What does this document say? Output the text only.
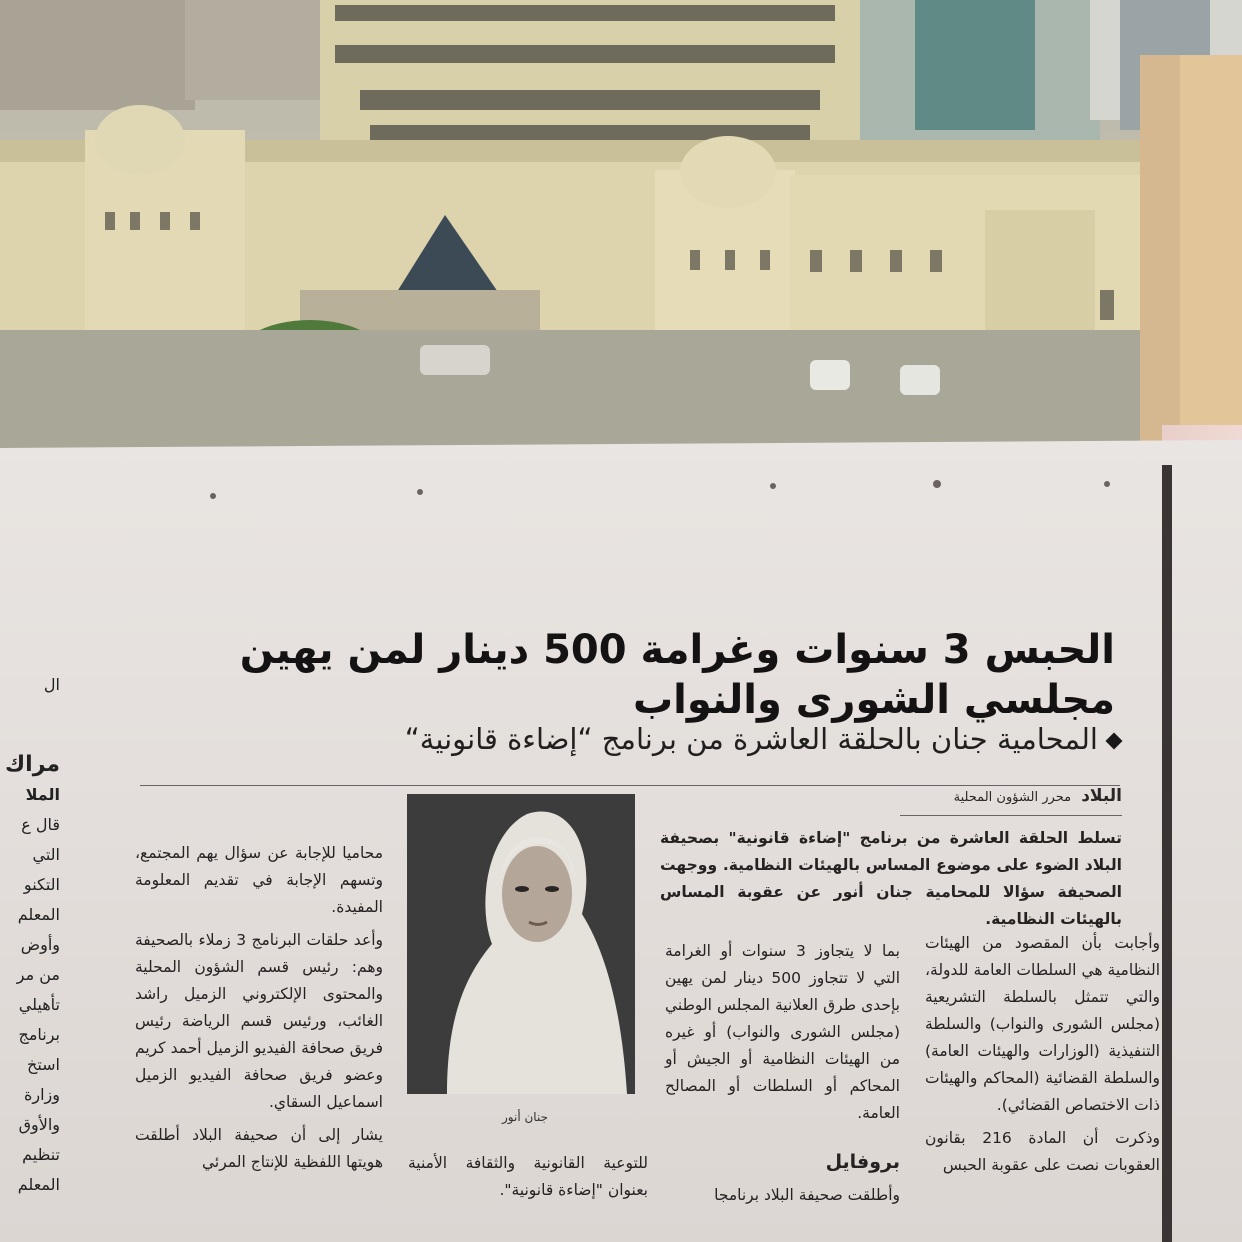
ال
مراك
الملا
قال ع
التي
التكنو
المعلم
وأوض
من مر
تأهيلي
برنامج
استخ
وزارة
والأوق
تنظيم
المعلم
الحبس 3 سنوات وغرامة 500 دينار لمن يهين مجلسي الشورى والنواب
المحامية جنان بالحلقة العاشرة من برنامج “إضاءة قانونية“
البلاد محرر الشؤون المحلية

تسلط الحلقة العاشرة من برنامج "إضاءة قانونية" بصحيفة البلاد الضوء على موضوع المساس بالهيئات النظامية. ووجهت الصحيفة سؤالا للمحامية جنان أنور عن عقوبة المساس بالهيئات النظامية.

وأجابت بأن المقصود من الهيئات النظامية هي السلطات العامة للدولة، والتي تتمثل بالسلطة التشريعية (مجلس الشورى والنواب) والسلطة التنفيذية (الوزارات والهيئات العامة) والسلطة القضائية (المحاكم والهيئات ذات الاختصاص القضائي).

وذكرت أن المادة 216 بقانون العقوبات نصت على عقوبة الحبس

بما لا يتجاوز 3 سنوات أو الغرامة التي لا تتجاوز 500 دينار لمن يهين بإحدى طرق العلانية المجلس الوطني (مجلس الشورى والنواب) أو غيره من الهيئات النظامية أو الجيش أو المحاكم أو السلطات أو المصالح العامة.

بروفايل

وأطلقت صحيفة البلاد برنامجا

جنان أنور

للتوعية القانونية والثقافة الأمنية بعنوان "إضاءة قانونية".

محاميا للإجابة عن سؤال يهم المجتمع، وتسهم الإجابة في تقديم المعلومة المفيدة.

وأعد حلقات البرنامج 3 زملاء بالصحيفة وهم: رئيس قسم الشؤون المحلية والمحتوى الإلكتروني الزميل راشد الغائب، ورئيس قسم الرياضة رئيس فريق صحافة الفيديو الزميل أحمد كريم وعضو فريق صحافة الفيديو الزميل اسماعيل السقاي.

يشار إلى أن صحيفة البلاد أطلقت هويتها اللفظية للإنتاج المرئي
